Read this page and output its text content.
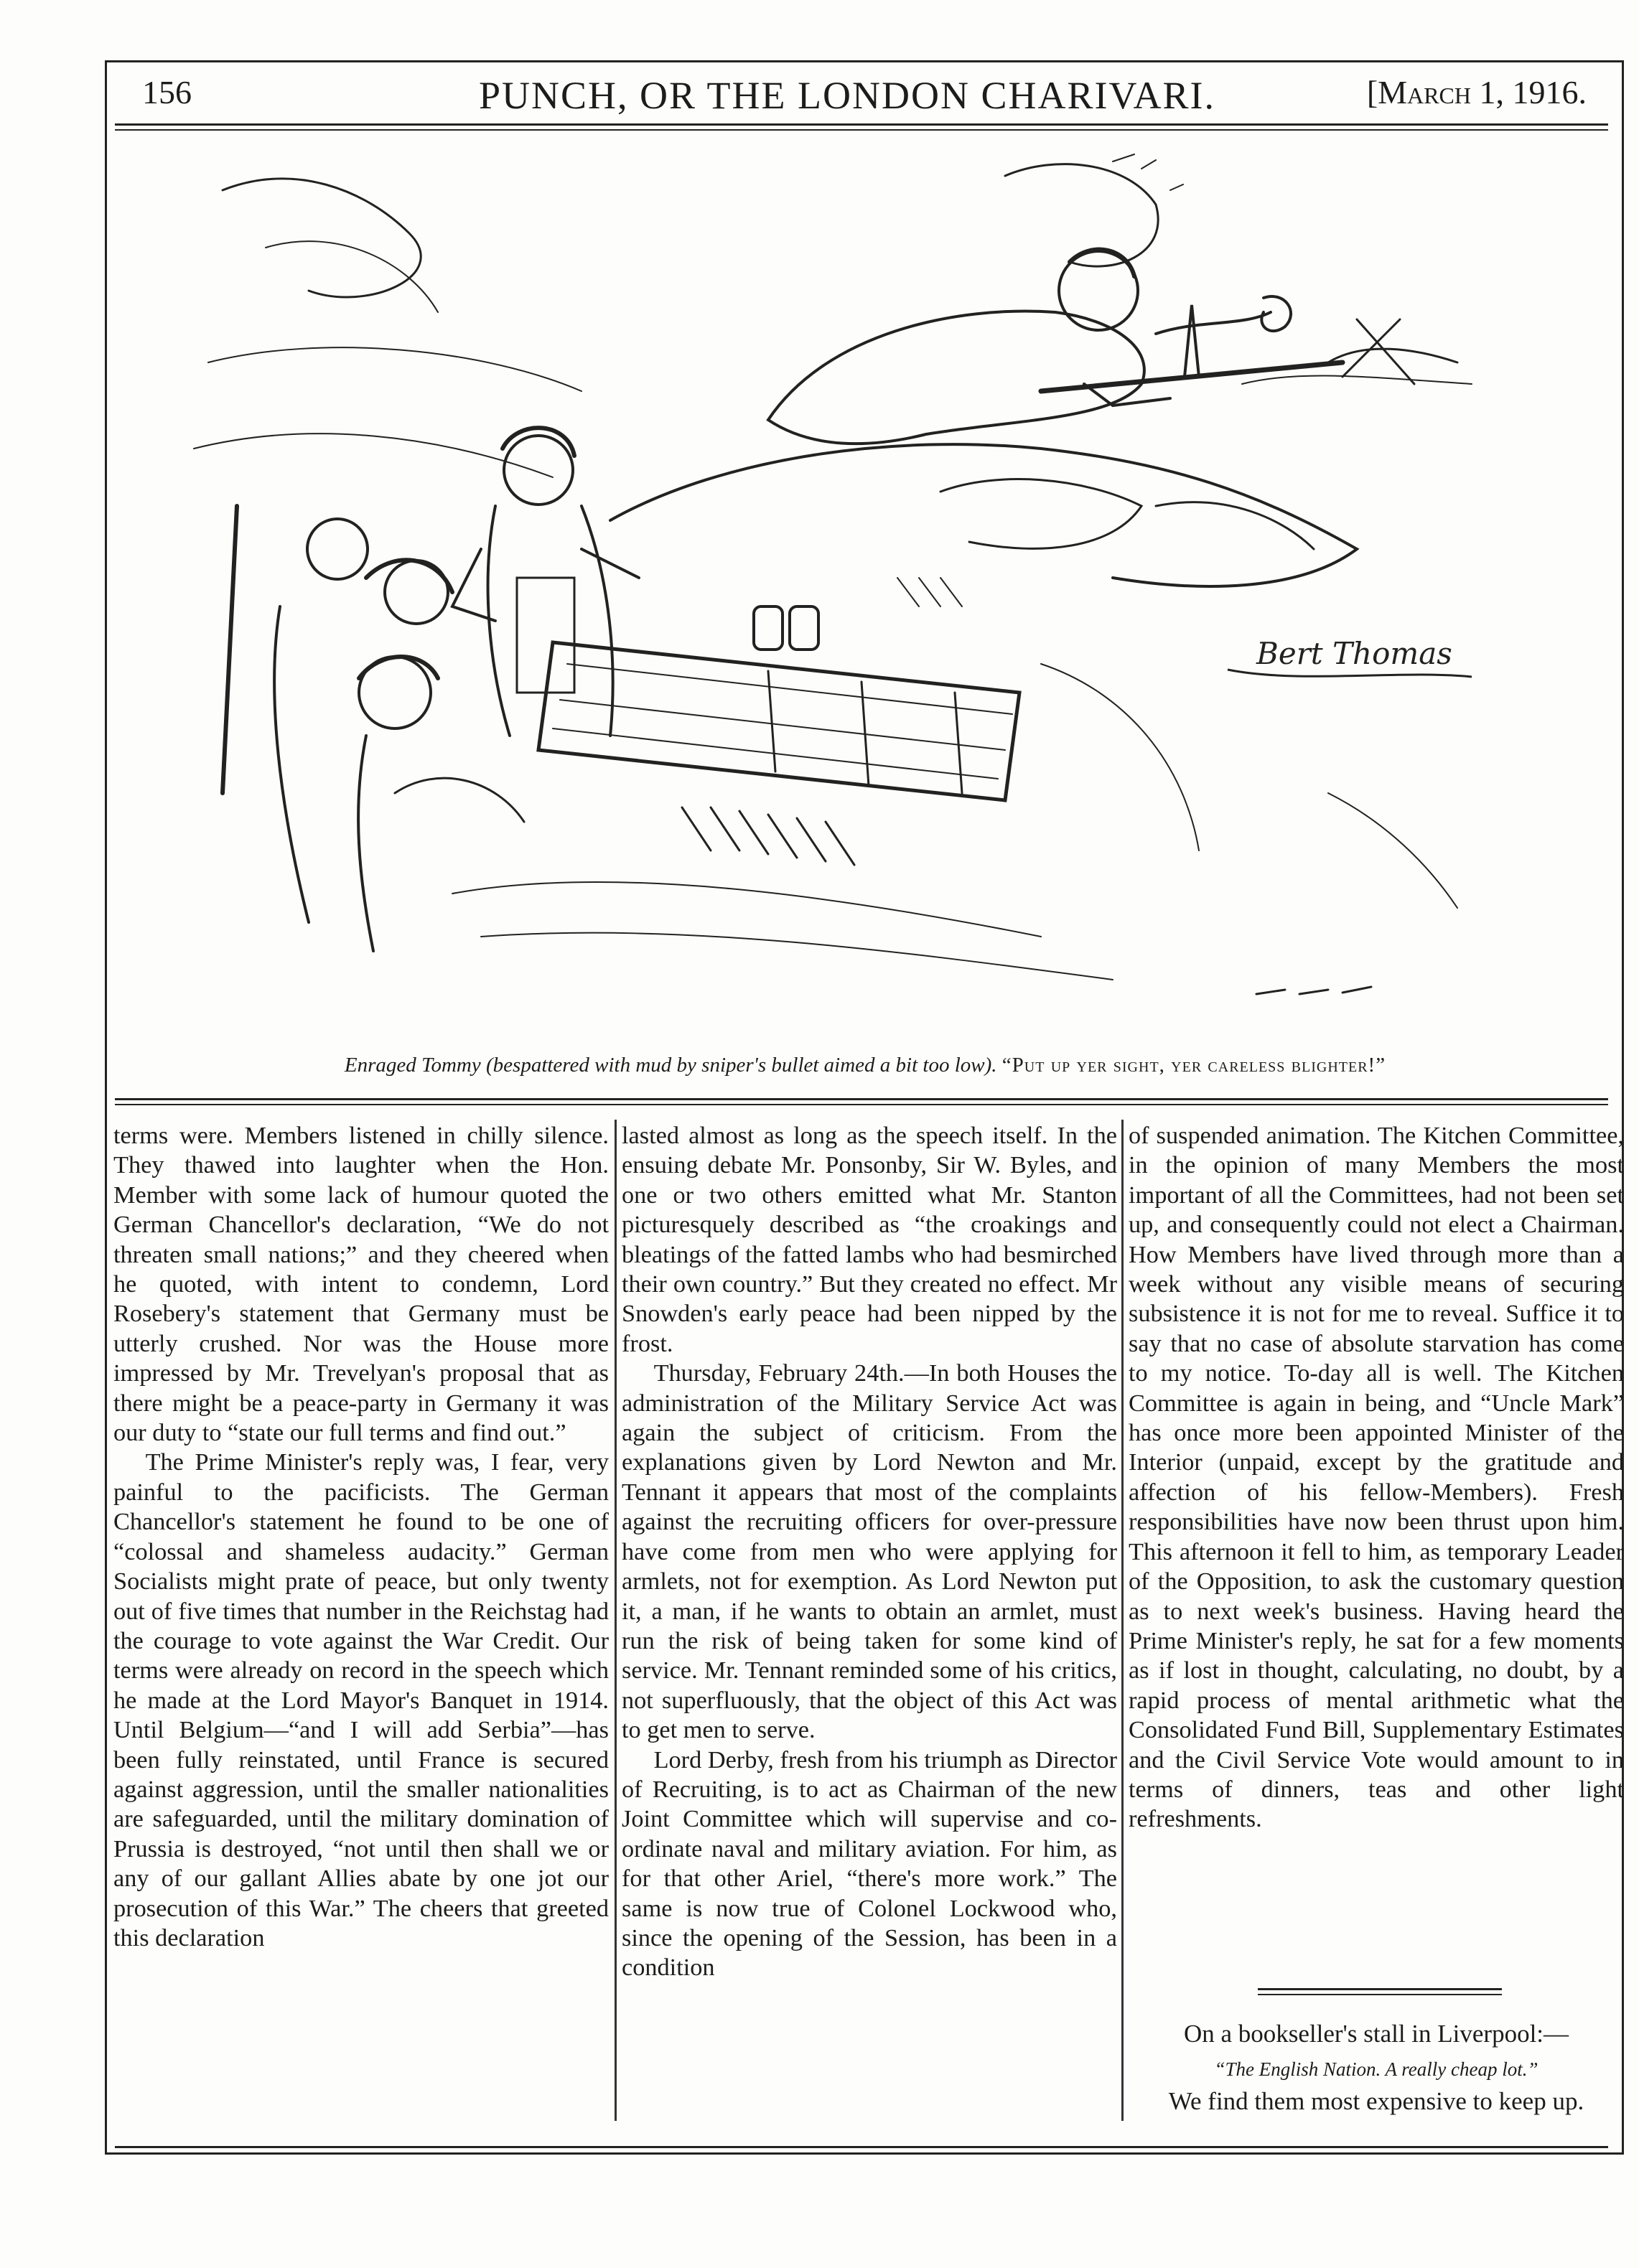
156	PUNCH, OR THE LONDON CHARIVARI.	[March 1, 1916.
Bert Thomas
Enraged Tommy (bespattered with mud by sniper's bullet aimed a bit too low). “Put up yer sight, yer careless blighter!”

terms were. Members listened in chilly silence. They thawed into laughter when the Hon. Member with some lack of humour quoted the German Chancellor's declaration, “We do not threaten small nations;” and they cheered when he quoted, with intent to condemn, Lord Rosebery's statement that Germany must be utterly crushed. Nor was the House more impressed by Mr. Trevelyan's proposal that as there might be a peace-party in Germany it was our duty to “state our full terms and find out.”

The Prime Minister's reply was, I fear, very painful to the pacificists. The German Chancellor's statement he found to be one of “colossal and shameless audacity.” German Socialists might prate of peace, but only twenty out of five times that number in the Reichstag had the courage to vote against the War Credit. Our terms were already on record in the speech which he made at the Lord Mayor's Banquet in 1914. Until Belgium—“and I will add Serbia”—has been fully reinstated, until France is secured against aggression, until the smaller nationalities are safeguarded, until the military domination of Prussia is destroyed, “not until then shall we or any of our gallant Allies abate by one jot our prosecution of this War.” The cheers that greeted this declaration

lasted almost as long as the speech itself. In the ensuing debate Mr. Ponsonby, Sir W. Byles, and one or two others emitted what Mr. Stanton picturesquely described as “the croakings and bleatings of the fatted lambs who had besmirched their own country.” But they created no effect. Mr Snowden's early peace had been nipped by the frost.

Thursday, February 24th.—In both Houses the administration of the Military Service Act was again the subject of criticism. From the explanations given by Lord Newton and Mr. Tennant it appears that most of the complaints against the recruiting officers for over-pressure have come from men who were applying for armlets, not for exemption. As Lord Newton put it, a man, if he wants to obtain an armlet, must run the risk of being taken for some kind of service. Mr. Tennant reminded some of his critics, not superfluously, that the object of this Act was to get men to serve.

Lord Derby, fresh from his triumph as Director of Recruiting, is to act as Chairman of the new Joint Committee which will supervise and co-ordinate naval and military aviation. For him, as for that other Ariel, “there's more work.” The same is now true of Colonel Lockwood who, since the opening of the Session, has been in a condition

of suspended animation. The Kitchen Committee, in the opinion of many Members the most important of all the Committees, had not been set up, and consequently could not elect a Chairman. How Members have lived through more than a week without any visible means of securing subsistence it is not for me to reveal. Suffice it to say that no case of absolute starvation has come to my notice. To-day all is well. The Kitchen Committee is again in being, and “Uncle Mark” has once more been appointed Minister of the Interior (unpaid, except by the gratitude and affection of his fellow-Members). Fresh responsibilities have now been thrust upon him. This afternoon it fell to him, as temporary Leader of the Opposition, to ask the customary question as to next week's business. Having heard the Prime Minister's reply, he sat for a few moments as if lost in thought, calculating, no doubt, by a rapid process of mental arithmetic what the Consolidated Fund Bill, Supplementary Estimates and the Civil Service Vote would amount to in terms of dinners, teas and other light refreshments.

On a bookseller's stall in Liverpool:—
“The English Nation. A really cheap lot.”
We find them most expensive to keep up.
